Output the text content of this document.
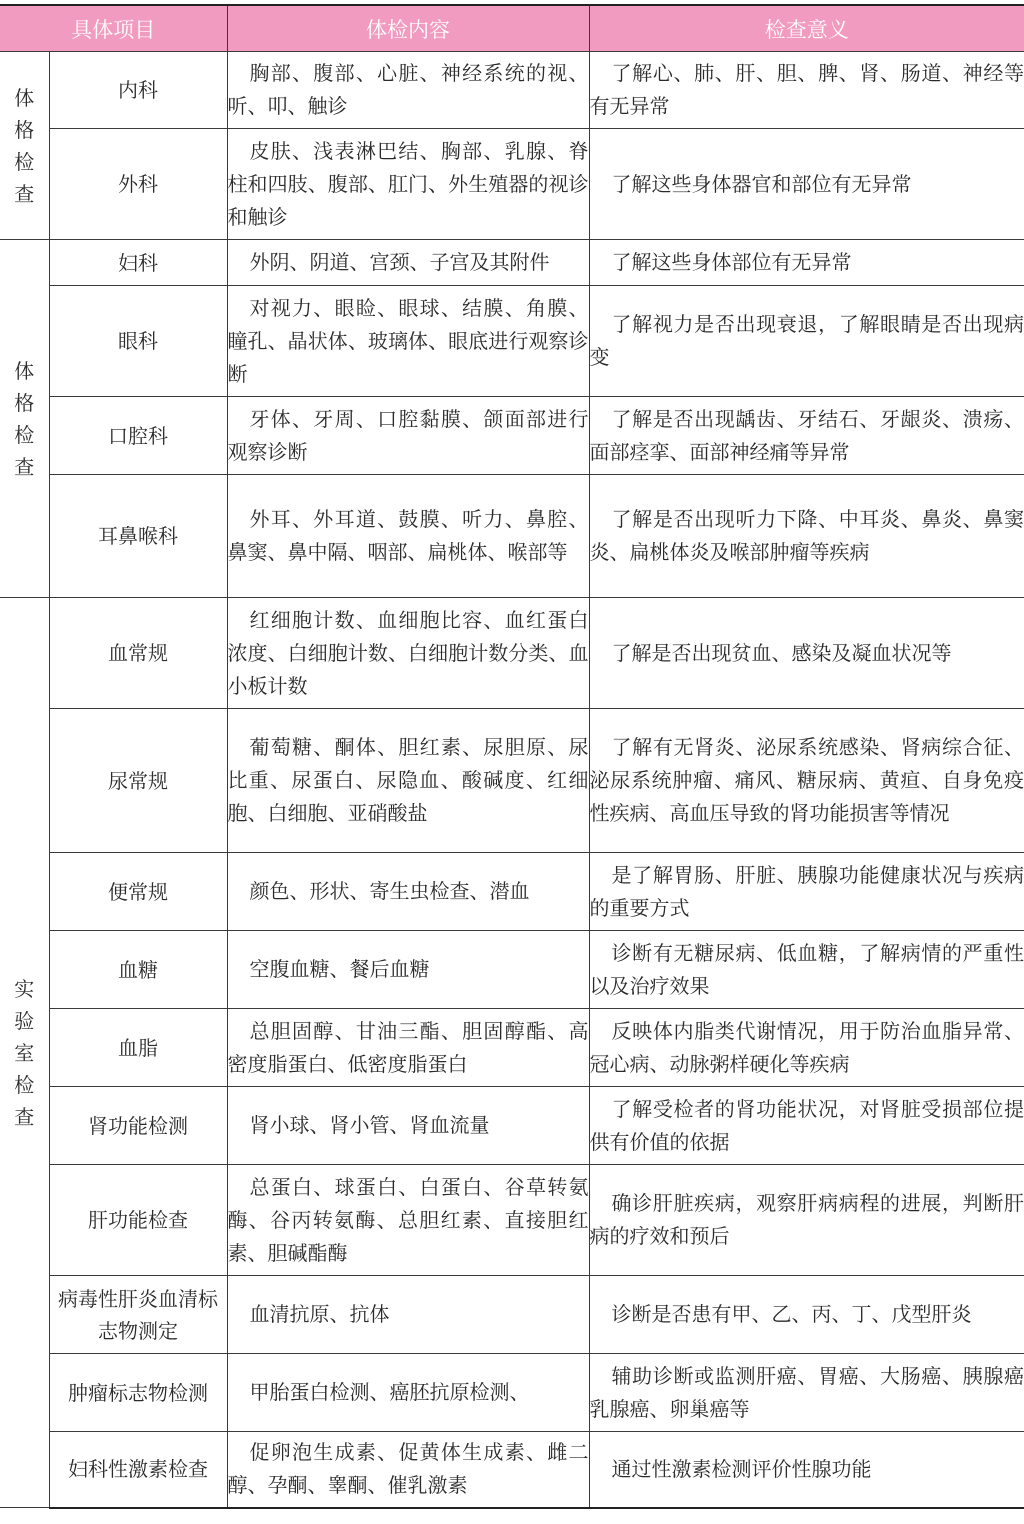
具体项目		体检内容	检查意义

体格检查	内科	胸部、腹部、心脏、神经系统的视、听、叩、触诊	了解心、肺、肝、胆、脾、肾、肠道、神经等有无异常

	外科	皮肤、浅表淋巴结、胸部、乳腺、脊柱和四肢、腹部、肛门、外生殖器的视诊和触诊	了解这些身体器官和部位有无异常

体格检查	妇科	外阴、阴道、宫颈、子宫及其附件	了解这些身体部位有无异常

	眼科	对视力、眼睑、眼球、结膜、角膜、瞳孔、晶状体、玻璃体、眼底进行观察诊断	了解视力是否出现衰退，了解眼睛是否出现病变

	口腔科	牙体、牙周、口腔黏膜、颌面部进行观察诊断	了解是否出现龋齿、牙结石、牙龈炎、溃疡、面部痉挛、面部神经痛等异常

	耳鼻喉科	外耳、外耳道、鼓膜、听力、鼻腔、鼻窦、鼻中隔、咽部、扁桃体、喉部等	了解是否出现听力下降、中耳炎、鼻炎、鼻窦炎、扁桃体炎及喉部肿瘤等疾病

实验室检查	血常规	红细胞计数、血细胞比容、血红蛋白浓度、白细胞计数、白细胞计数分类、血小板计数	了解是否出现贫血、感染及凝血状况等

	尿常规	葡萄糖、酮体、胆红素、尿胆原、尿比重、尿蛋白、尿隐血、酸碱度、红细胞、白细胞、亚硝酸盐	了解有无肾炎、泌尿系统感染、肾病综合征、泌尿系统肿瘤、痛风、糖尿病、黄疸、自身免疫性疾病、高血压导致的肾功能损害等情况

	便常规	颜色、形状、寄生虫检查、潜血	是了解胃肠、肝脏、胰腺功能健康状况与疾病的重要方式

	血糖	空腹血糖、餐后血糖	诊断有无糖尿病、低血糖，了解病情的严重性以及治疗效果

	血脂	总胆固醇、甘油三酯、胆固醇酯、高密度脂蛋白、低密度脂蛋白	反映体内脂类代谢情况，用于防治血脂异常、冠心病、动脉粥样硬化等疾病

	肾功能检测	肾小球、肾小管、肾血流量	了解受检者的肾功能状况，对肾脏受损部位提供有价值的依据

	肝功能检查	总蛋白、球蛋白、白蛋白、谷草转氨酶、谷丙转氨酶、总胆红素、直接胆红素、胆碱酯酶	确诊肝脏疾病，观察肝病病程的进展，判断肝病的疗效和预后

	病毒性肝炎血清标志物测定	血清抗原、抗体	诊断是否患有甲、乙、丙、丁、戊型肝炎

	肿瘤标志物检测	甲胎蛋白检测、癌胚抗原检测、	辅助诊断或监测肝癌、胃癌、大肠癌、胰腺癌乳腺癌、卵巢癌等

	妇科性激素检查	促卵泡生成素、促黄体生成素、雌二醇、孕酮、睾酮、催乳激素	通过性激素检测评价性腺功能
